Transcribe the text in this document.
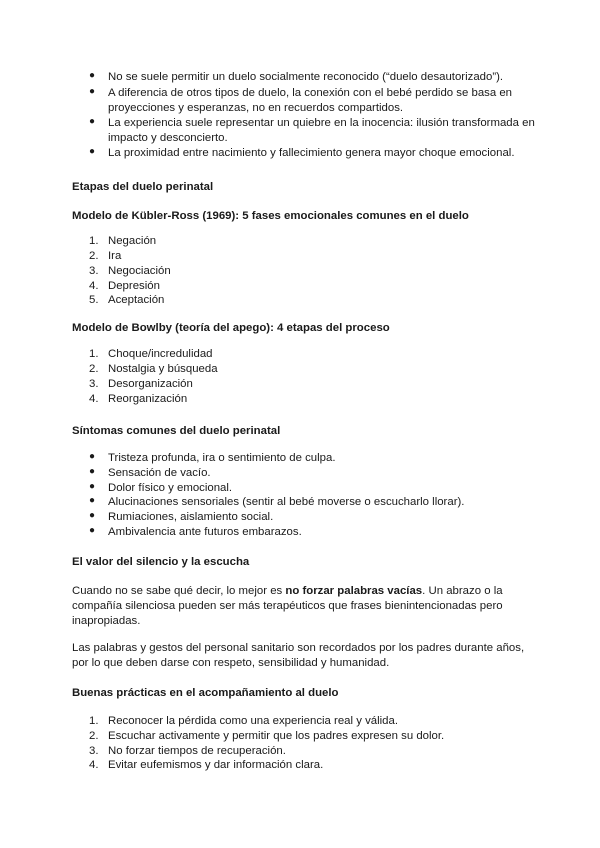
● No se suele permitir un duelo socialmente reconocido (“duelo desautorizado”).
● A diferencia de otros tipos de duelo, la conexión con el bebé perdido se basa en proyecciones y esperanzas, no en recuerdos compartidos.
● La experiencia suele representar un quiebre en la inocencia: ilusión transformada en impacto y desconcierto.
● La proximidad entre nacimiento y fallecimiento genera mayor choque emocional.
Etapas del duelo perinatal
Modelo de Kübler-Ross (1969): 5 fases emocionales comunes en el duelo
1. Negación
2. Ira
3. Negociación
4. Depresión
5. Aceptación
Modelo de Bowlby (teoría del apego): 4 etapas del proceso
1. Choque/incredulidad
2. Nostalgia y búsqueda
3. Desorganización
4. Reorganización
Síntomas comunes del duelo perinatal
● Tristeza profunda, ira o sentimiento de culpa.
● Sensación de vacío.
● Dolor físico y emocional.
● Alucinaciones sensoriales (sentir al bebé moverse o escucharlo llorar).
● Rumiaciones, aislamiento social.
● Ambivalencia ante futuros embarazos.
El valor del silencio y la escucha

Cuando no se sabe qué decir, lo mejor es no forzar palabras vacías. Un abrazo o la compañía silenciosa pueden ser más terapéuticos que frases bienintencionadas pero inapropiadas.

Las palabras y gestos del personal sanitario son recordados por los padres durante años, por lo que deben darse con respeto, sensibilidad y humanidad.

Buenas prácticas en el acompañamiento al duelo
1. Reconocer la pérdida como una experiencia real y válida.
2. Escuchar activamente y permitir que los padres expresen su dolor.
3. No forzar tiempos de recuperación.
4. Evitar eufemismos y dar información clara.
